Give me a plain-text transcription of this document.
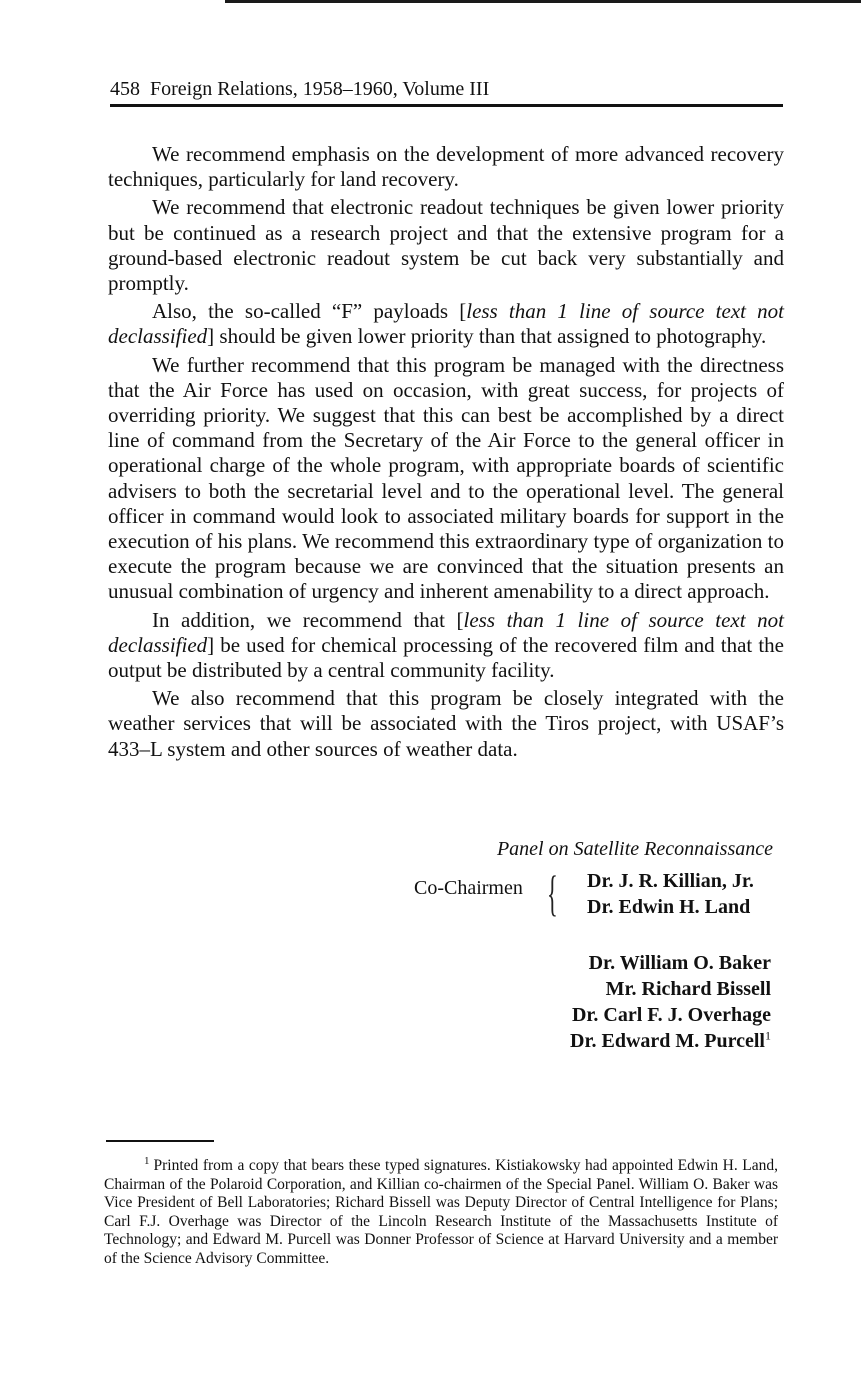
458 Foreign Relations, 1958–1960, Volume III

We recommend emphasis on the development of more advanced recovery techniques, particularly for land recovery.

We recommend that electronic readout techniques be given lower priority but be continued as a research project and that the extensive program for a ground-based electronic readout system be cut back very substantially and promptly.

Also, the so-called “F” payloads [less than 1 line of source text not declassified] should be given lower priority than that assigned to photography.

We further recommend that this program be managed with the directness that the Air Force has used on occasion, with great success, for projects of overriding priority. We suggest that this can best be accomplished by a direct line of command from the Secretary of the Air Force to the general officer in operational charge of the whole program, with appropriate boards of scientific advisers to both the secretarial level and to the operational level. The general officer in command would look to associated military boards for support in the execution of his plans. We recommend this extraordinary type of organization to execute the program because we are convinced that the situation presents an unusual combination of urgency and inherent amenability to a direct approach.

In addition, we recommend that [less than 1 line of source text not declassified] be used for chemical processing of the recovered film and that the output be distributed by a central community facility.

We also recommend that this program be closely integrated with the weather services that will be associated with the Tiros project, with USAF’s 433–L system and other sources of weather data.

Panel on Satellite Reconnaissance
Co-Chairmen { Dr. J. R. Killian, Jr.
Dr. Edwin H. Land
Dr. William O. Baker
Mr. Richard Bissell
Dr. Carl F. J. Overhage
Dr. Edward M. Purcell$^1$

$^1$ Printed from a copy that bears these typed signatures. Kistiakowsky had appointed Edwin H. Land, Chairman of the Polaroid Corporation, and Killian co-chairmen of the Special Panel. William O. Baker was Vice President of Bell Laboratories; Richard Bissell was Deputy Director of Central Intelligence for Plans; Carl F.J. Overhage was Director of the Lincoln Research Institute of the Massachusetts Institute of Technology; and Edward M. Purcell was Donner Professor of Science at Harvard University and a member of the Science Advisory Committee.
